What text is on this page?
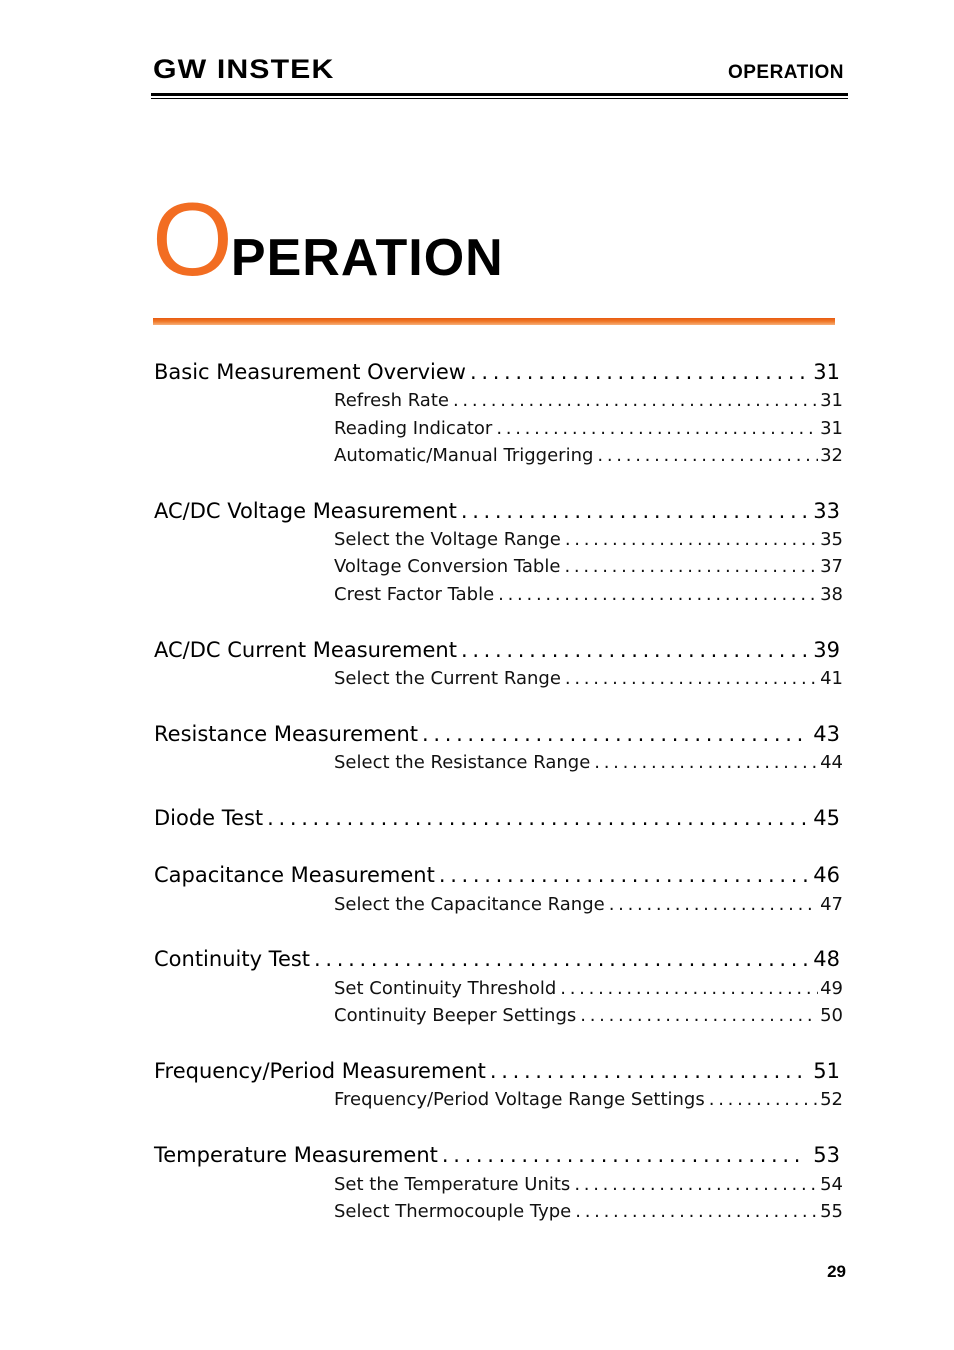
GW INSTEK	OPERATION
OPERATION
Basic Measurement Overview . . .	31
Refresh Rate . . .	31
Reading Indicator . . .	31
Automatic/Manual Triggering . . .	32
AC/DC Voltage Measurement . . .	33
Select the Voltage Range . . .	35
Voltage Conversion Table . . .	37
Crest Factor Table . . .	38
AC/DC Current Measurement . . .	39
Select the Current Range . . .	41
Resistance Measurement . . .	43
Select the Resistance Range . . .	44
Diode Test . . .	45
Capacitance Measurement . . .	46
Select the Capacitance Range . . .	47
Continuity Test . . .	48
Set Continuity Threshold . . .	49
Continuity Beeper Settings . . .	50
Frequency/Period Measurement . . .	51
Frequency/Period Voltage Range Settings . . .	52
Temperature Measurement . . .	53
Set the Temperature Units . . .	54
Select Thermocouple Type . . .	55
29
